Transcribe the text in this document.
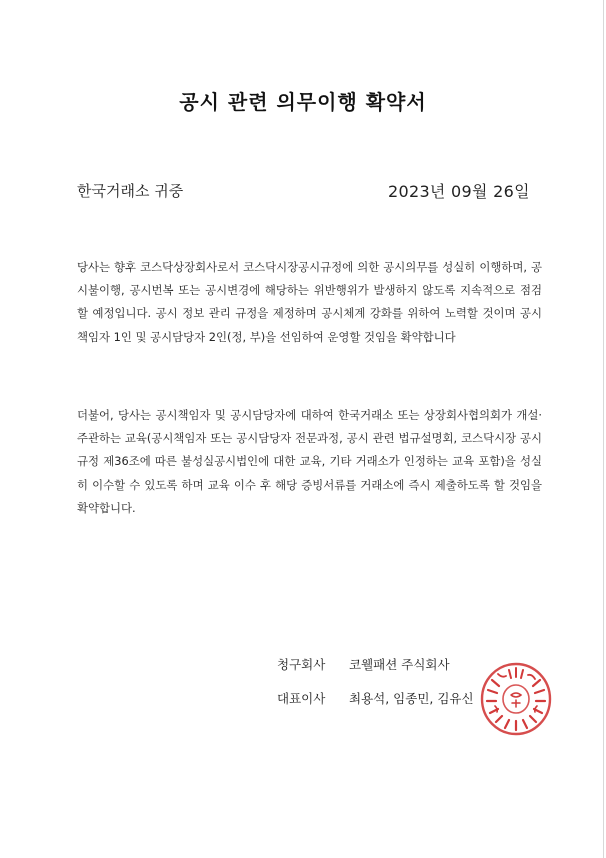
공시 관련 의무이행 확약서
한국거래소 귀중	2023년 09월 26일
당사는 향후 코스닥상장회사로서 코스닥시장공시규정에 의한 공시의무를 성실히 이행하며, 공시불이행, 공시번복 또는 공시변경에 해당하는 위반행위가 발생하지 않도록 지속적으로 점검할 예정입니다. 공시 정보 관리 규정을 제정하며 공시체계 강화를 위하여 노력할 것이며 공시책임자 1인 및 공시담당자 2인(정, 부)을 선임하여 운영할 것임을 확약합니다
더불어, 당사는 공시책임자 및 공시담당자에 대하여 한국거래소 또는 상장회사협의회가 개설·주관하는 교육(공시책임자 또는 공시담당자 전문과정, 공시 관련 법규설명회, 코스닥시장 공시규정 제36조에 따른 불성실공시법인에 대한 교육, 기타 거래소가 인정하는 교육 포함)을 성실히 이수할 수 있도록 하며 교육 이수 후 해당 증빙서류를 거래소에 즉시 제출하도록 할 것임을 확약합니다.
청구회사 코웰패션 주식회사
대표이사 최용석, 임종민, 김유신
